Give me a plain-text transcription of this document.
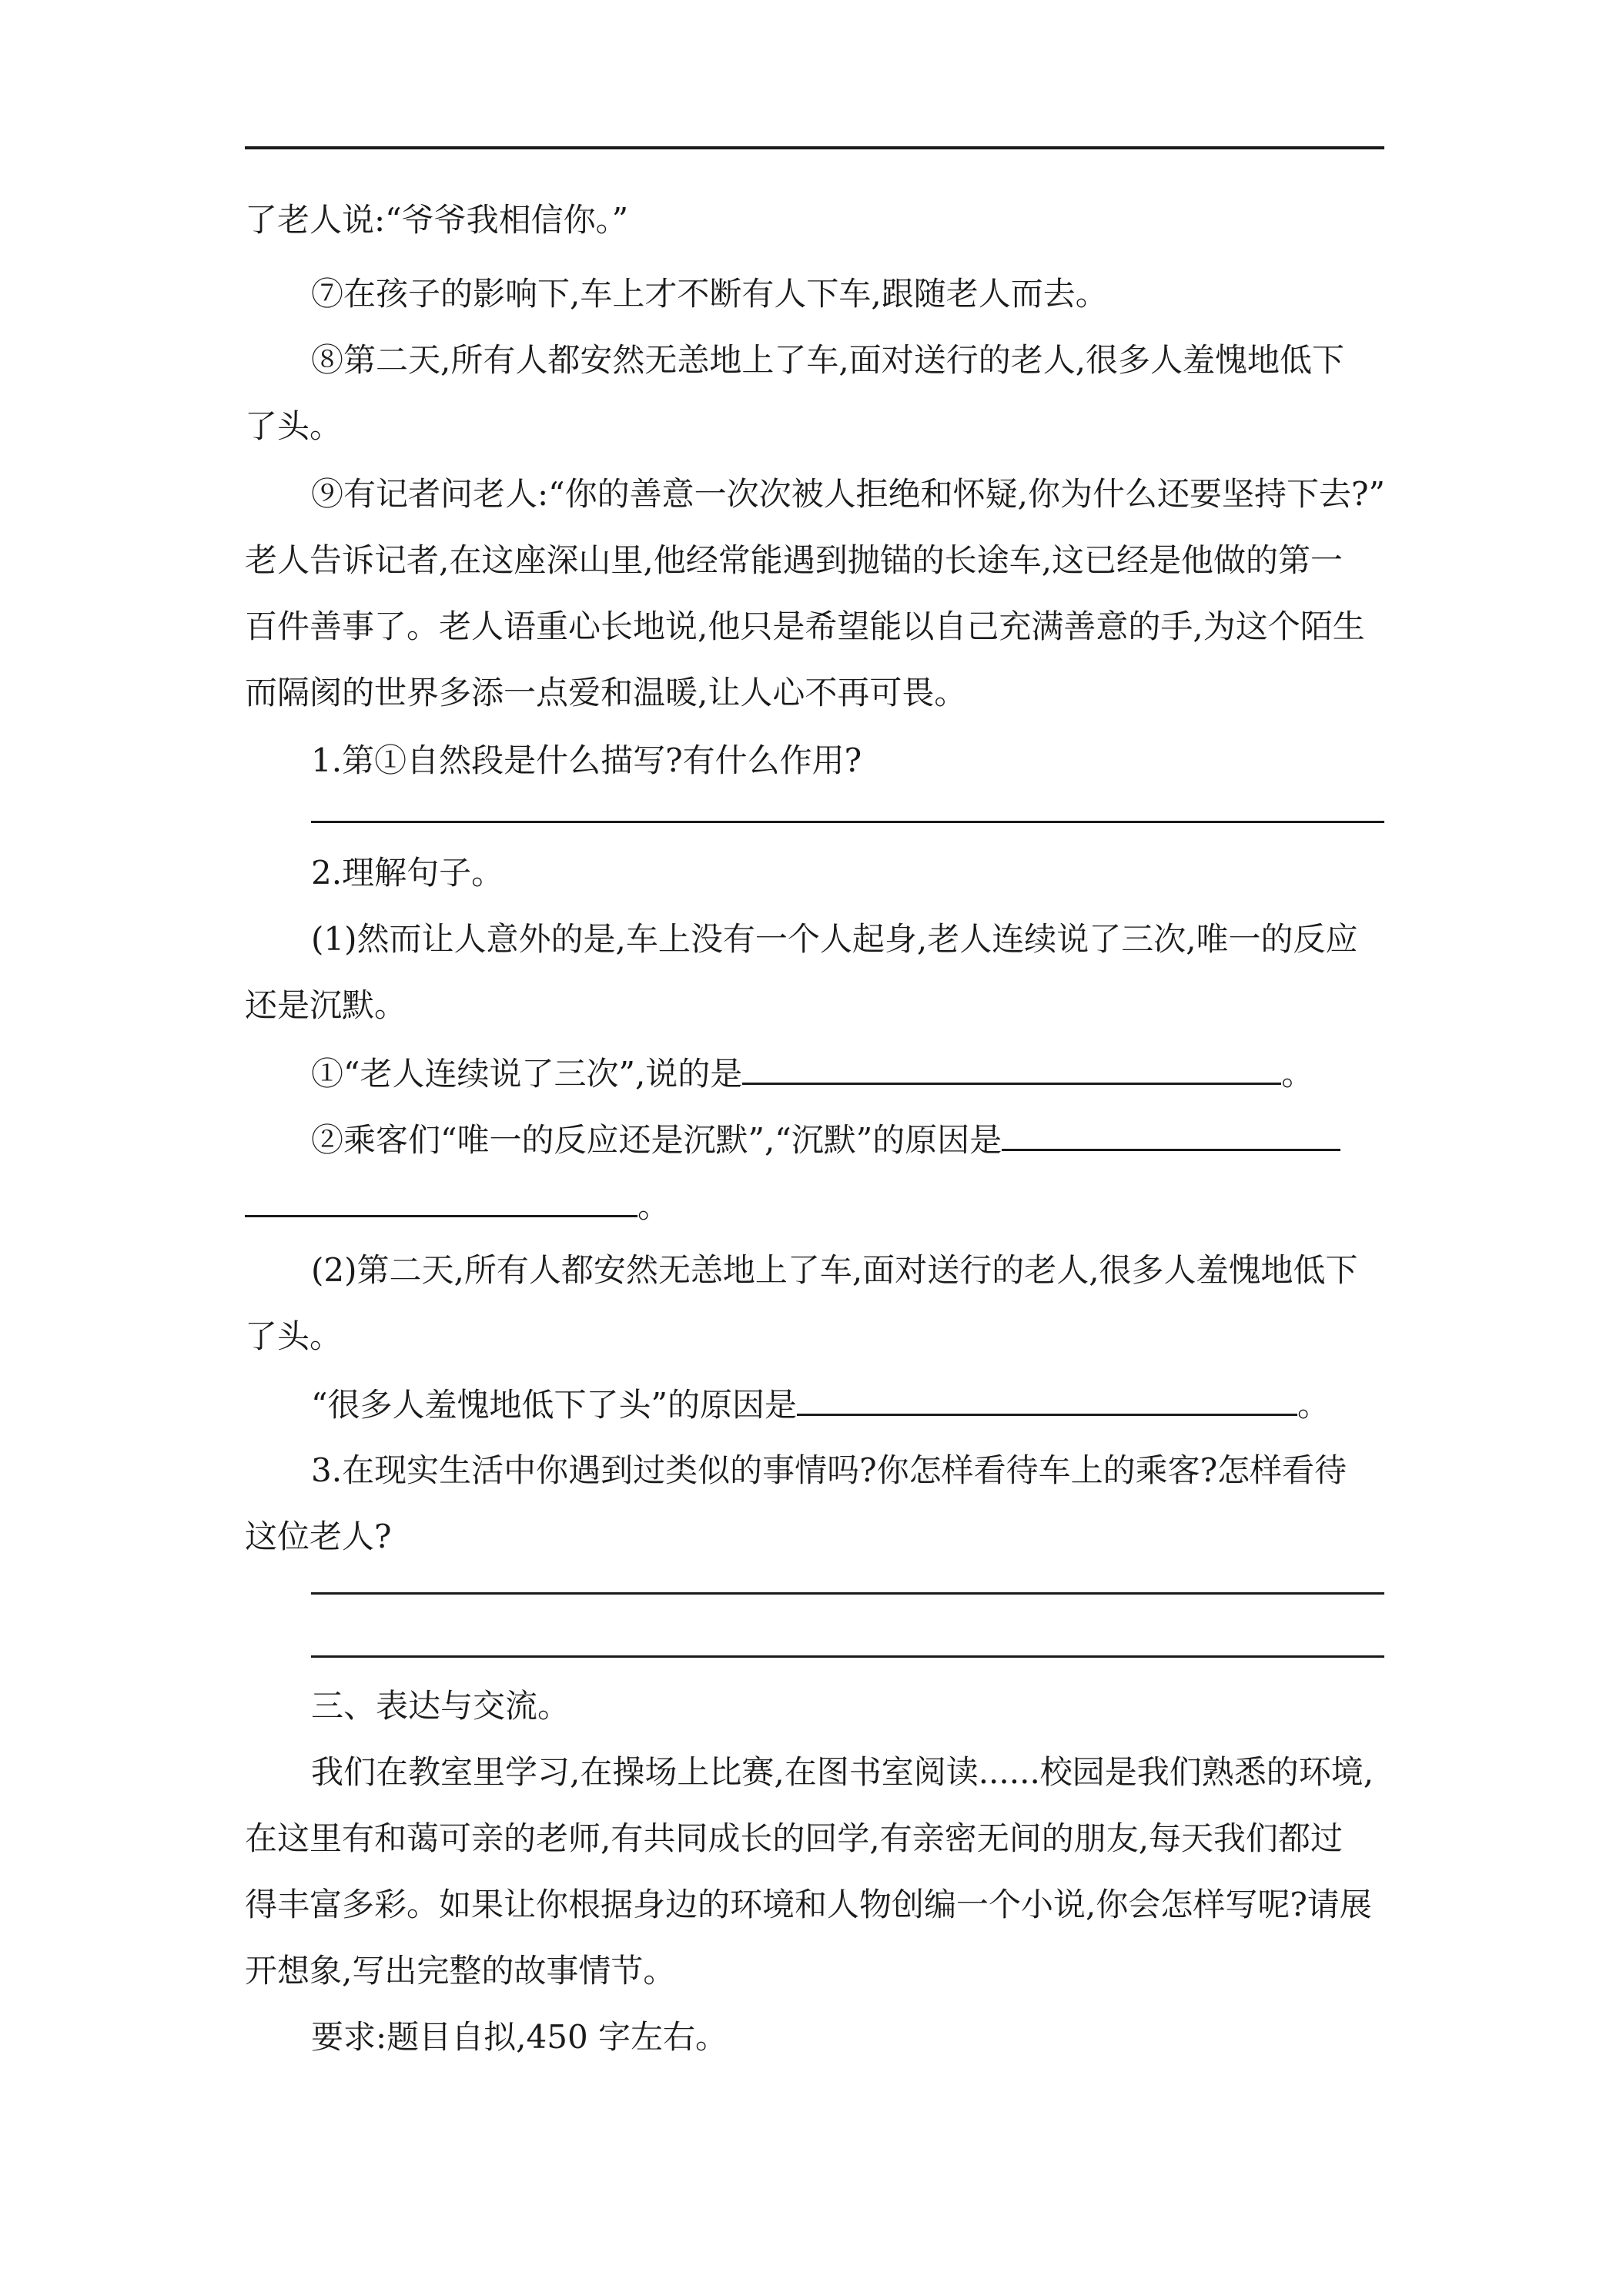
了老人说:“爷爷我相信你。”
⑦在孩子的影响下,车上才不断有人下车,跟随老人而去。
⑧第二天,所有人都安然无恙地上了车,面对送行的老人,很多人羞愧地低下
了头。
⑨有记者问老人:“你的善意一次次被人拒绝和怀疑,你为什么还要坚持下去?”
老人告诉记者,在这座深山里,他经常能遇到抛锚的长途车,这已经是他做的第一
百件善事了。老人语重心长地说,他只是希望能以自己充满善意的手,为这个陌生
而隔阂的世界多添一点爱和温暖,让人心不再可畏。
1.第①自然段是什么描写?有什么作用?
2.理解句子。
(1)然而让人意外的是,车上没有一个人起身,老人连续说了三次,唯一的反应
还是沉默。
①“老人连续说了三次”,说的是	。
②乘客们“唯一的反应还是沉默”,“沉默”的原因是
。
(2)第二天,所有人都安然无恙地上了车,面对送行的老人,很多人羞愧地低下
了头。
“很多人羞愧地低下了头”的原因是	。
3.在现实生活中你遇到过类似的事情吗?你怎样看待车上的乘客?怎样看待
这位老人?
三、表达与交流。
我们在教室里学习,在操场上比赛,在图书室阅读......校园是我们熟悉的环境,
在这里有和蔼可亲的老师,有共同成长的回学,有亲密无间的朋友,每天我们都过
得丰富多彩。如果让你根据身边的环境和人物创编一个小说,你会怎样写呢?请展
开想象,写出完整的故事情节。
要求:题目自拟,450 字左右。
